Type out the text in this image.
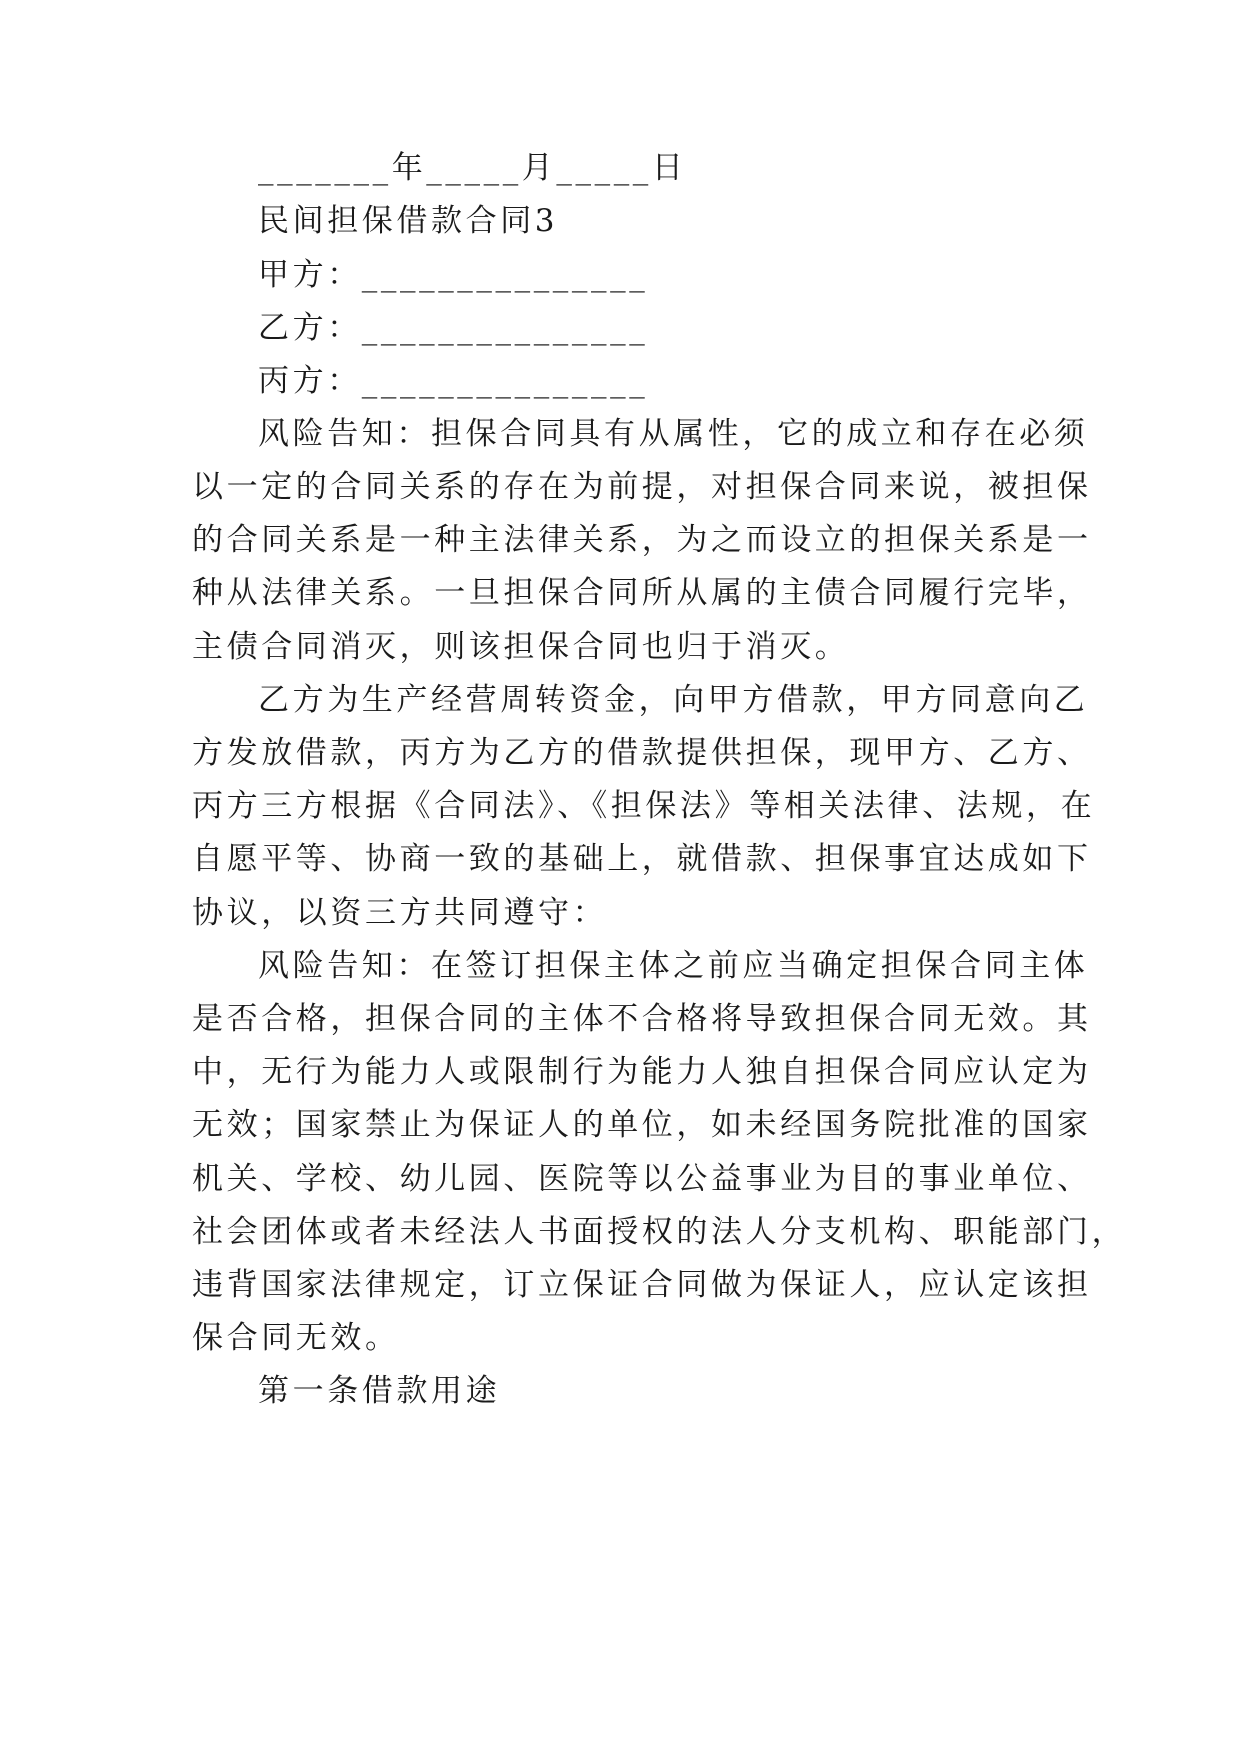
_______年_____月_____日
民间担保借款合同3
甲方：_______________
乙方：_______________
丙方：_______________
风险告知：担保合同具有从属性，它的成立和存在必须
以一定的合同关系的存在为前提，对担保合同来说，被担保
的合同关系是一种主法律关系，为之而设立的担保关系是一
种从法律关系。一旦担保合同所从属的主债合同履行完毕，
主债合同消灭，则该担保合同也归于消灭。
乙方为生产经营周转资金，向甲方借款，甲方同意向乙
方发放借款，丙方为乙方的借款提供担保，现甲方、乙方、
丙方三方根据《合同法》、《担保法》等相关法律、法规，在
自愿平等、协商一致的基础上，就借款、担保事宜达成如下
协议，以资三方共同遵守：
风险告知：在签订担保主体之前应当确定担保合同主体
是否合格，担保合同的主体不合格将导致担保合同无效。其
中，无行为能力人或限制行为能力人独自担保合同应认定为
无效；国家禁止为保证人的单位，如未经国务院批准的国家
机关、学校、幼儿园、医院等以公益事业为目的事业单位、
社会团体或者未经法人书面授权的法人分支机构、职能部门，
违背国家法律规定，订立保证合同做为保证人，应认定该担
保合同无效。
第一条借款用途
